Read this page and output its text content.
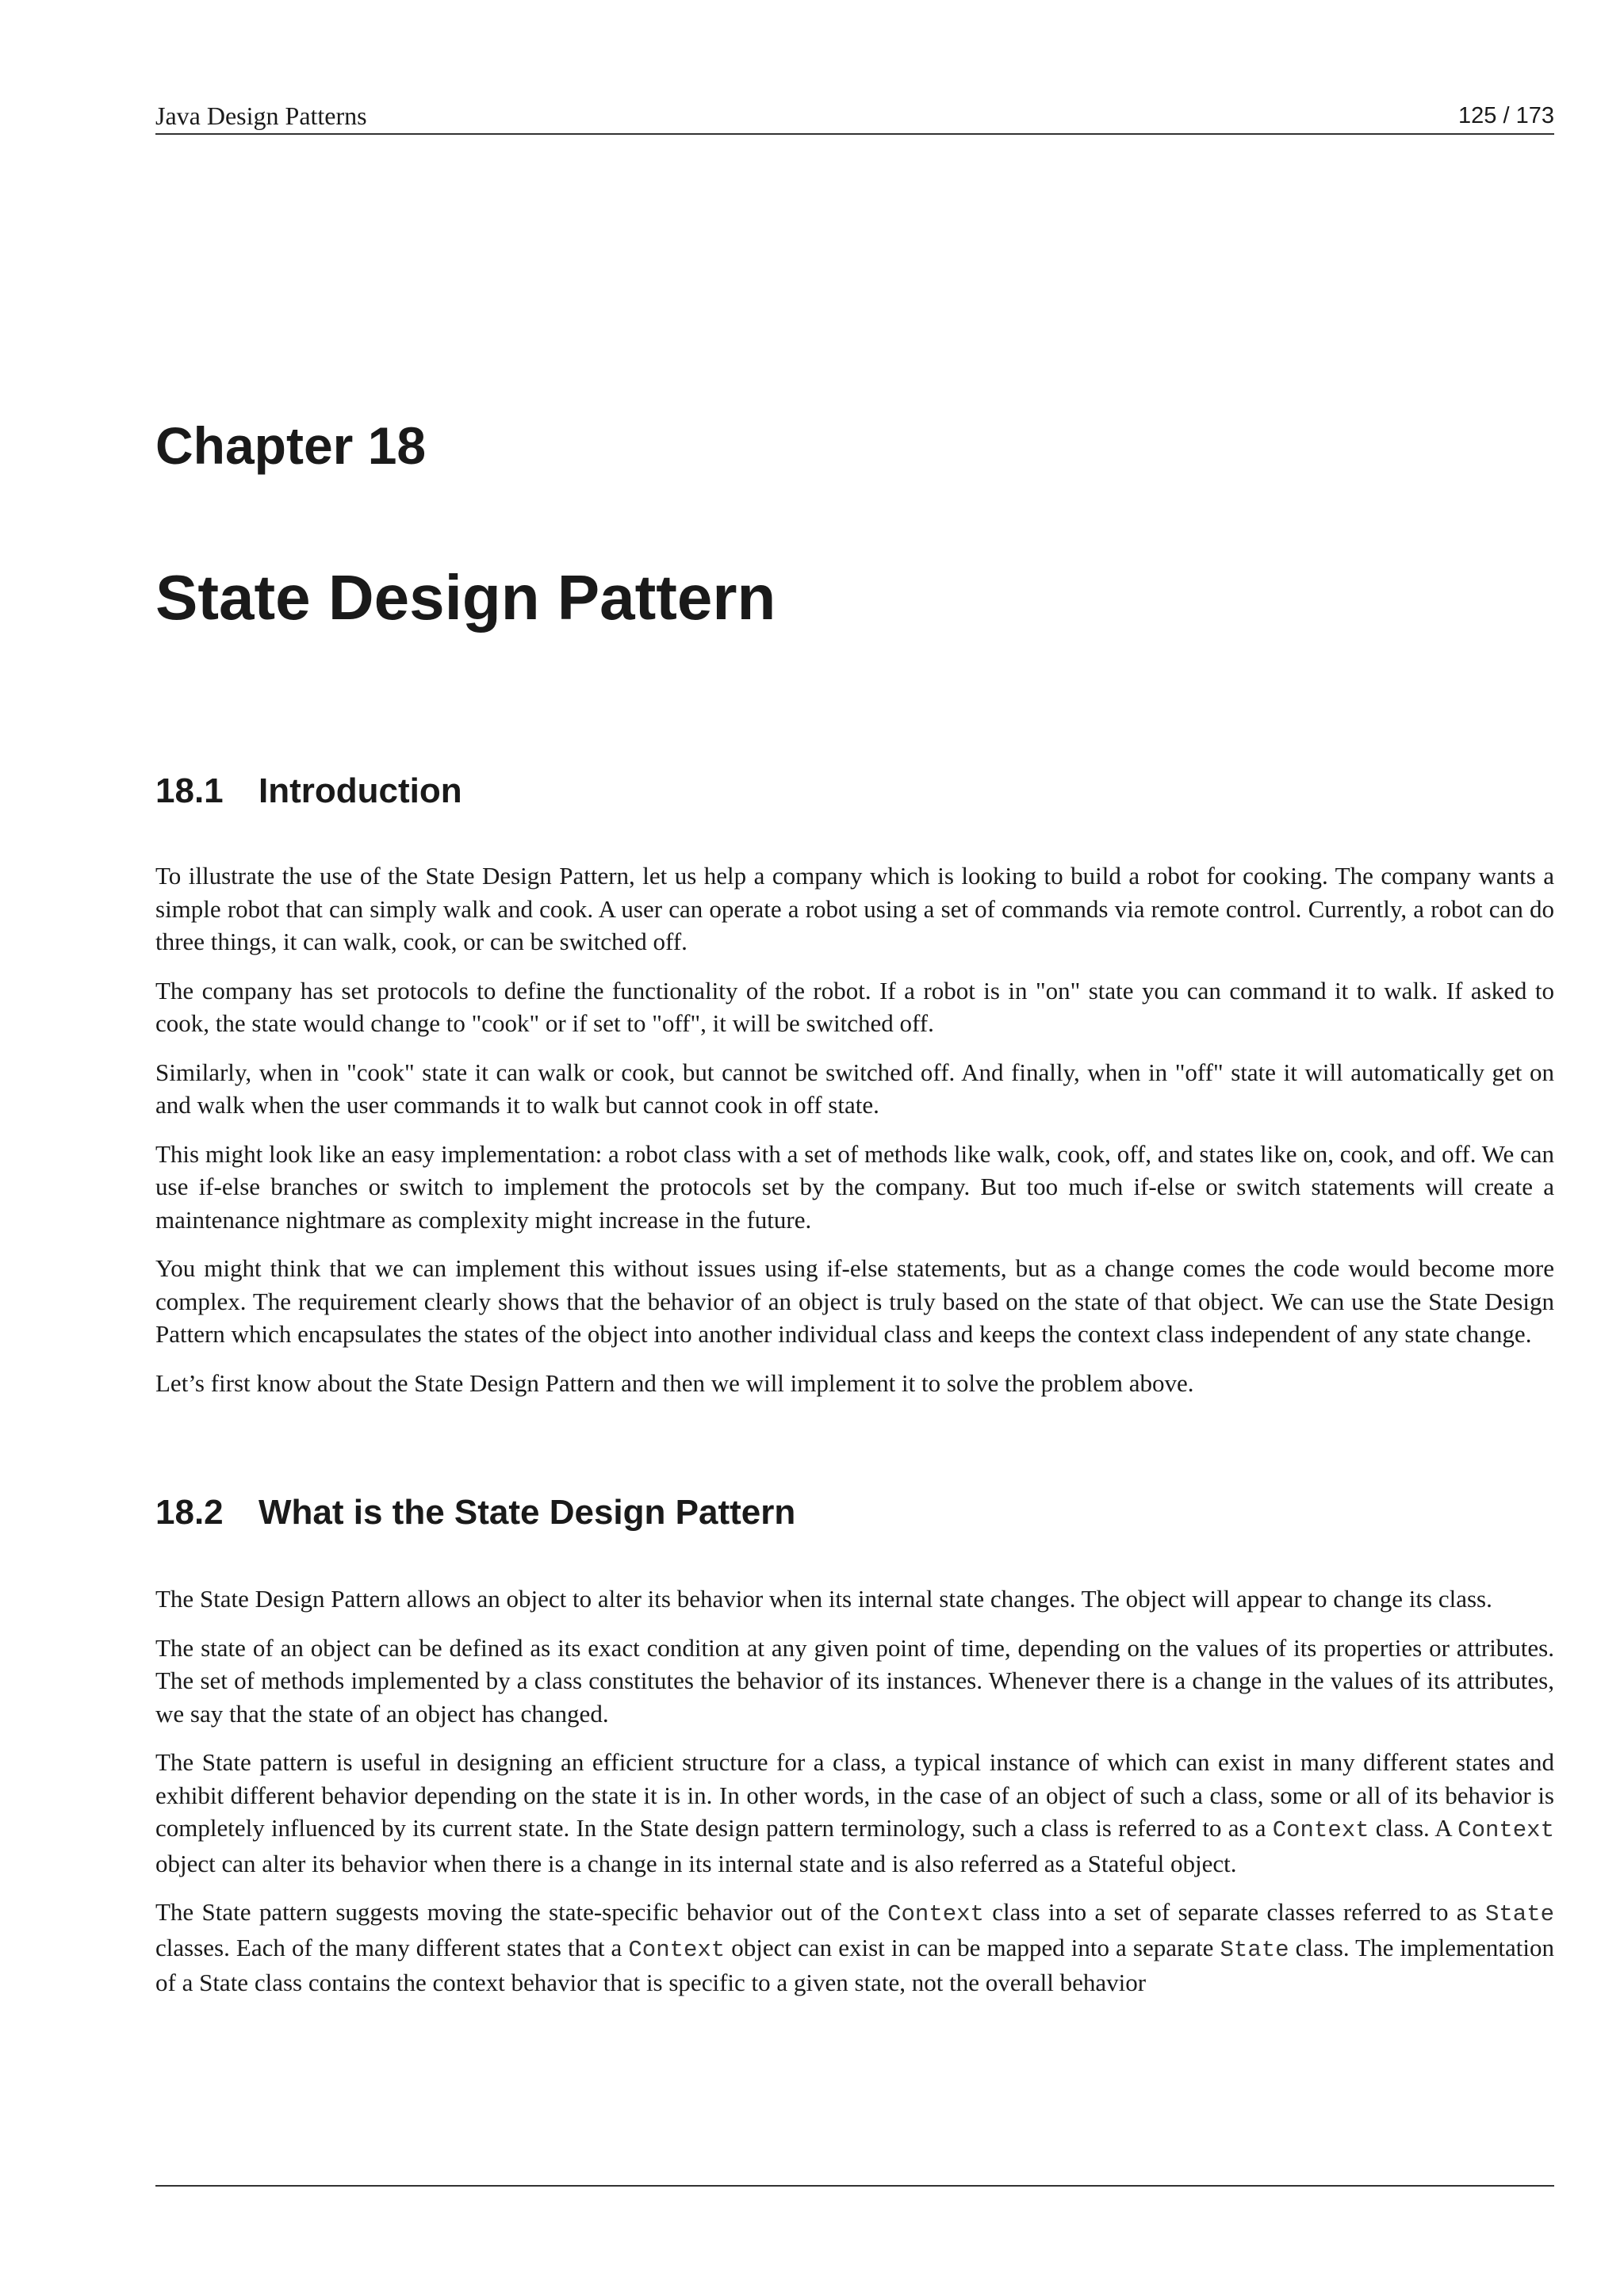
Java Design Patterns	125 / 173
Chapter 18
State Design Pattern
18.1 Introduction

To illustrate the use of the State Design Pattern, let us help a company which is looking to build a robot for cooking. The company wants a simple robot that can simply walk and cook. A user can operate a robot using a set of commands via remote control. Currently, a robot can do three things, it can walk, cook, or can be switched off.

The company has set protocols to define the functionality of the robot. If a robot is in "on" state you can command it to walk. If asked to cook, the state would change to "cook" or if set to "off", it will be switched off.

Similarly, when in "cook" state it can walk or cook, but cannot be switched off. And finally, when in "off" state it will automatically get on and walk when the user commands it to walk but cannot cook in off state.

This might look like an easy implementation: a robot class with a set of methods like walk, cook, off, and states like on, cook, and off. We can use if-else branches or switch to implement the protocols set by the company. But too much if-else or switch statements will create a maintenance nightmare as complexity might increase in the future.

You might think that we can implement this without issues using if-else statements, but as a change comes the code would become more complex. The requirement clearly shows that the behavior of an object is truly based on the state of that object. We can use the State Design Pattern which encapsulates the states of the object into another individual class and keeps the context class independent of any state change.

Let’s first know about the State Design Pattern and then we will implement it to solve the problem above.

18.2 What is the State Design Pattern

The State Design Pattern allows an object to alter its behavior when its internal state changes. The object will appear to change its class.

The state of an object can be defined as its exact condition at any given point of time, depending on the values of its properties or attributes. The set of methods implemented by a class constitutes the behavior of its instances. Whenever there is a change in the values of its attributes, we say that the state of an object has changed.

The State pattern is useful in designing an efficient structure for a class, a typical instance of which can exist in many different states and exhibit different behavior depending on the state it is in. In other words, in the case of an object of such a class, some or all of its behavior is completely influenced by its current state. In the State design pattern terminology, such a class is referred to as a Context class. A Context object can alter its behavior when there is a change in its internal state and is also referred as a Stateful object.

The State pattern suggests moving the state-specific behavior out of the Context class into a set of separate classes referred to as State classes. Each of the many different states that a Context object can exist in can be mapped into a separate State class. The implementation of a State class contains the context behavior that is specific to a given state, not the overall behavior
